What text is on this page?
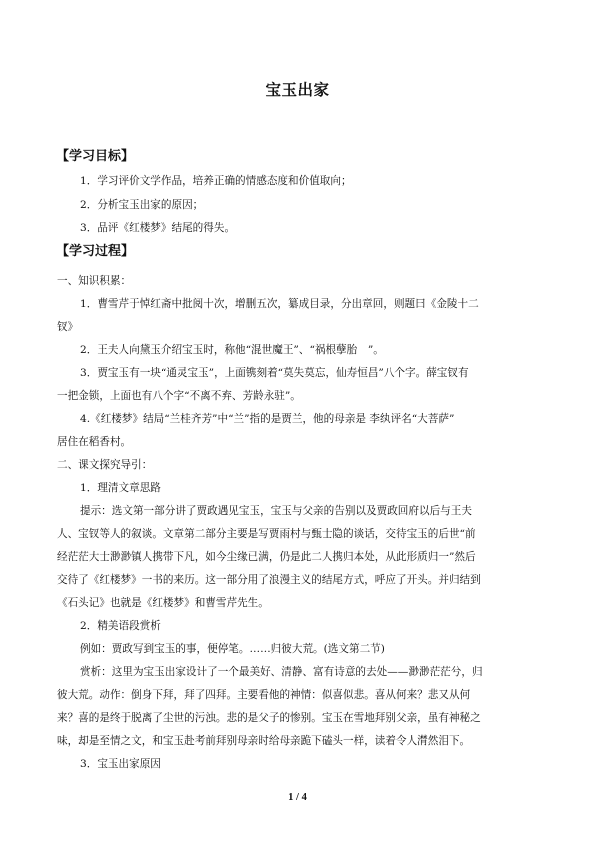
宝玉出家
【学习目标】
1．学习评价文学作品，培养正确的情感态度和价值取向；
2．分析宝玉出家的原因；
3．品评《红楼梦》结尾的得失。
【学习过程】
一、知识积累：
1．曹雪芹于悼红斋中批阅十次，增删五次，纂成目录，分出章回，则题曰《金陵十二
钗》
2．王夫人向黛玉介绍宝玉时，称他“混世魔王”、“祸根孽胎　”。
3．贾宝玉有一块“通灵宝玉”，上面镌刻着“莫失莫忘，仙寿恒昌”八个字。薛宝钗有
一把金锁，上面也有八个字“不离不弃、芳龄永驻”。
4.《红楼梦》结局“兰桂齐芳”中“兰”指的是贾兰，他的母亲是 李纨评名“大菩萨”
居住在稻香村。
二、课文探究导引：
1．理清文章思路
提示：选文第一部分讲了贾政遇见宝玉，宝玉与父亲的告别以及贾政回府以后与王夫
人、宝钗等人的叙谈。文章第二部分主要是写贾雨村与甄士隐的谈话，交待宝玉的后世“前
经茫茫大士渺渺镇人携带下凡，如今尘缘已满，仍是此二人携归本处，从此形质归一”然后
交待了《红楼梦》一书的来历。这一部分用了浪漫主义的结尾方式，呼应了开头。并归结到
《石头记》也就是《红楼梦》和曹雪芹先生。
2．精美语段赏析
例如：贾政写到宝玉的事，便停笔。……归彼大荒。(选文第二节)
赏析：这里为宝玉出家设计了一个最美好、清静、富有诗意的去处——渺渺茫茫兮，归
彼大荒。动作：倒身下拜，拜了四拜。主要看他的神情：似喜似悲。喜从何来？悲又从何
来？喜的是终于脱离了尘世的污浊。悲的是父子的惨别。宝玉在雪地拜别父亲，虽有神秘之
味，却是至情之文，和宝玉赴考前拜别母亲时给母亲跪下磕头一样，读着令人潸然泪下。
3．宝玉出家原因
1 / 4
